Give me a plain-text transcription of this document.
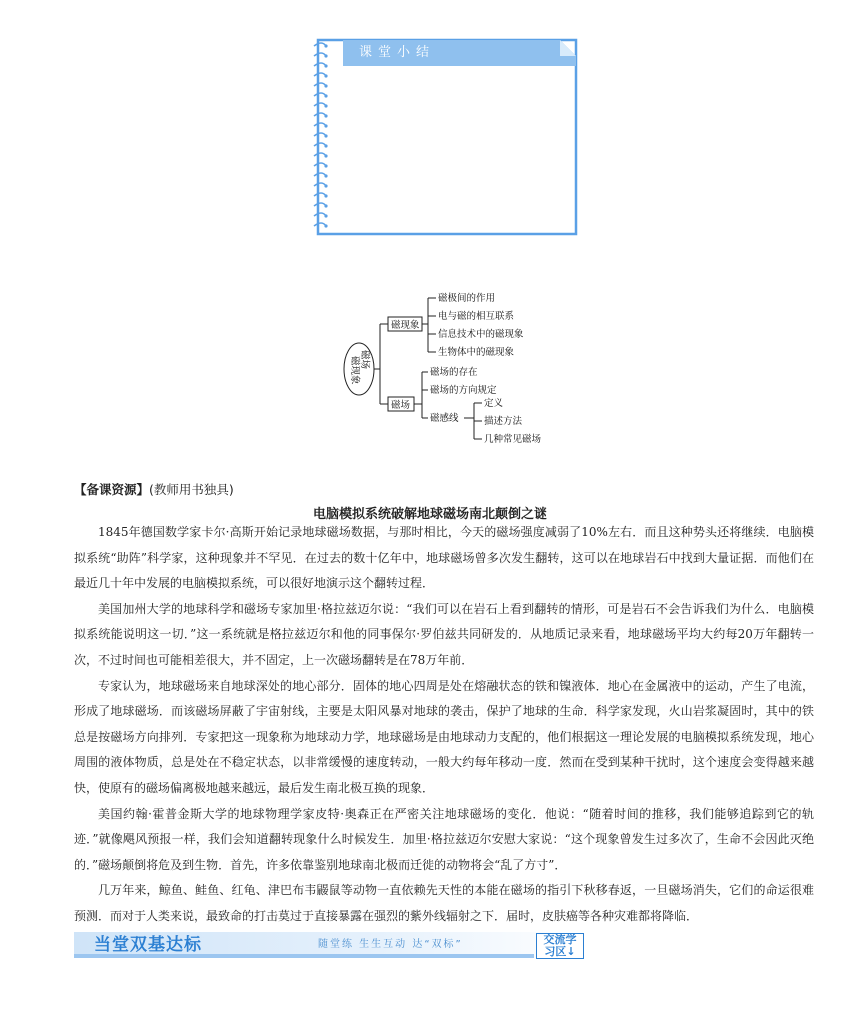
课堂小结
磁现象 磁场
磁现象
磁场
磁极间的作用
电与磁的相互联系
信息技术中的磁现象
生物体中的磁现象
磁场的存在
磁场的方向规定
磁感线
定义
描述方法
几种常见磁场
【备课资源】(教师用书独具)
电脑模拟系统破解地球磁场南北颠倒之谜

1845年德国数学家卡尔·高斯开始记录地球磁场数据，与那时相比，今天的磁场强度减弱了10%左右．而且这种势头还将继续．电脑模拟系统“助阵”科学家，这种现象并不罕见．在过去的数十亿年中，地球磁场曾多次发生翻转，这可以在地球岩石中找到大量证据．而他们在最近几十年中发展的电脑模拟系统，可以很好地演示这个翻转过程．

美国加州大学的地球科学和磁场专家加里·格拉兹迈尔说：“我们可以在岩石上看到翻转的情形，可是岩石不会告诉我们为什么．电脑模拟系统能说明这一切．”这一系统就是格拉兹迈尔和他的同事保尔·罗伯兹共同研发的．从地质记录来看，地球磁场平均大约每20万年翻转一次，不过时间也可能相差很大，并不固定，上一次磁场翻转是在78万年前．

专家认为，地球磁场来自地球深处的地心部分．固体的地心四周是处在熔融状态的铁和镍液体．地心在金属液中的运动，产生了电流，形成了地球磁场．而该磁场屏蔽了宇宙射线，主要是太阳风暴对地球的袭击，保护了地球的生命．科学家发现，火山岩浆凝固时，其中的铁总是按磁场方向排列．专家把这一现象称为地球动力学，地球磁场是由地球动力支配的，他们根据这一理论发展的电脑模拟系统发现，地心周围的液体物质，总是处在不稳定状态，以非常缓慢的速度转动，一般大约每年移动一度．然而在受到某种干扰时，这个速度会变得越来越快，使原有的磁场偏离极地越来越远，最后发生南北极互换的现象．

美国约翰·霍普金斯大学的地球物理学家皮特·奥森正在严密关注地球磁场的变化．他说：“随着时间的推移，我们能够追踪到它的轨迹．”就像飓风预报一样，我们会知道翻转现象什么时候发生．加里·格拉兹迈尔安慰大家说：“这个现象曾发生过多次了，生命不会因此灭绝的．”磁场颠倒将危及到生物．首先，许多依靠鉴别地球南北极而迁徙的动物将会“乱了方寸”．

几万年来，鲸鱼、鲑鱼、红龟、津巴布韦鼹鼠等动物一直依赖先天性的本能在磁场的指引下秋移春返，一旦磁场消失，它们的命运很难预测．而对于人类来说，最致命的打击莫过于直接暴露在强烈的紫外线辐射之下．届时，皮肤癌等各种灾难都将降临．

当堂双基达标	随堂练 生生互动 达“双标”	交流学
习区↓
